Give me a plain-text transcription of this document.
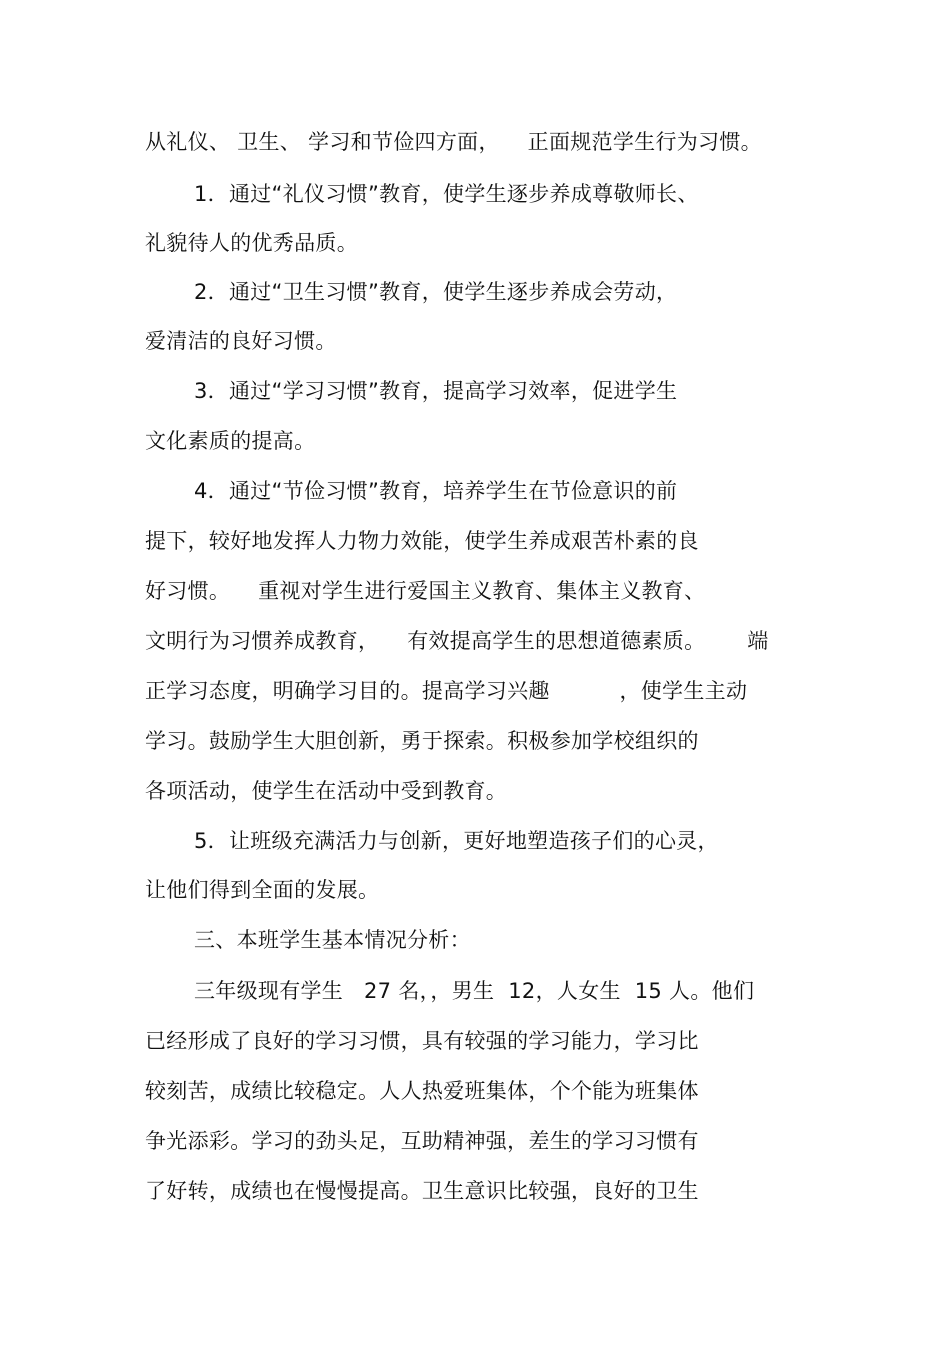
从礼仪、 卫生、 学习和节俭四方面，    正面规范学生行为习惯。
1．通过“礼仪习惯”教育，使学生逐步养成尊敬师长、
礼貌待人的优秀品质。
2．通过“卫生习惯”教育，使学生逐步养成会劳动，
爱清洁的良好习惯。
3．通过“学习习惯”教育，提高学习效率，促进学生
文化素质的提高。
4．通过“节俭习惯”教育，培养学生在节俭意识的前
提下，较好地发挥人力物力效能，使学生养成艰苦朴素的良
好习惯。    重视对学生进行爱国主义教育、集体主义教育、
文明行为习惯养成教育，    有效提高学生的思想道德素质。      端
正学习态度，明确学习目的。提高学习兴趣          ，使学生主动
学习。鼓励学生大胆创新，勇于探索。积极参加学校组织的
各项活动，使学生在活动中受到教育。
5．让班级充满活力与创新，更好地塑造孩子们的心灵，
让他们得到全面的发展。
三、本班学生基本情况分析：
三年级现有学生   27 名，，男生  12，人女生  15 人。他们
已经形成了良好的学习习惯，具有较强的学习能力，学习比
较刻苦，成绩比较稳定。人人热爱班集体，个个能为班集体
争光添彩。学习的劲头足，互助精神强，差生的学习习惯有
了好转，成绩也在慢慢提高。卫生意识比较强，良好的卫生
